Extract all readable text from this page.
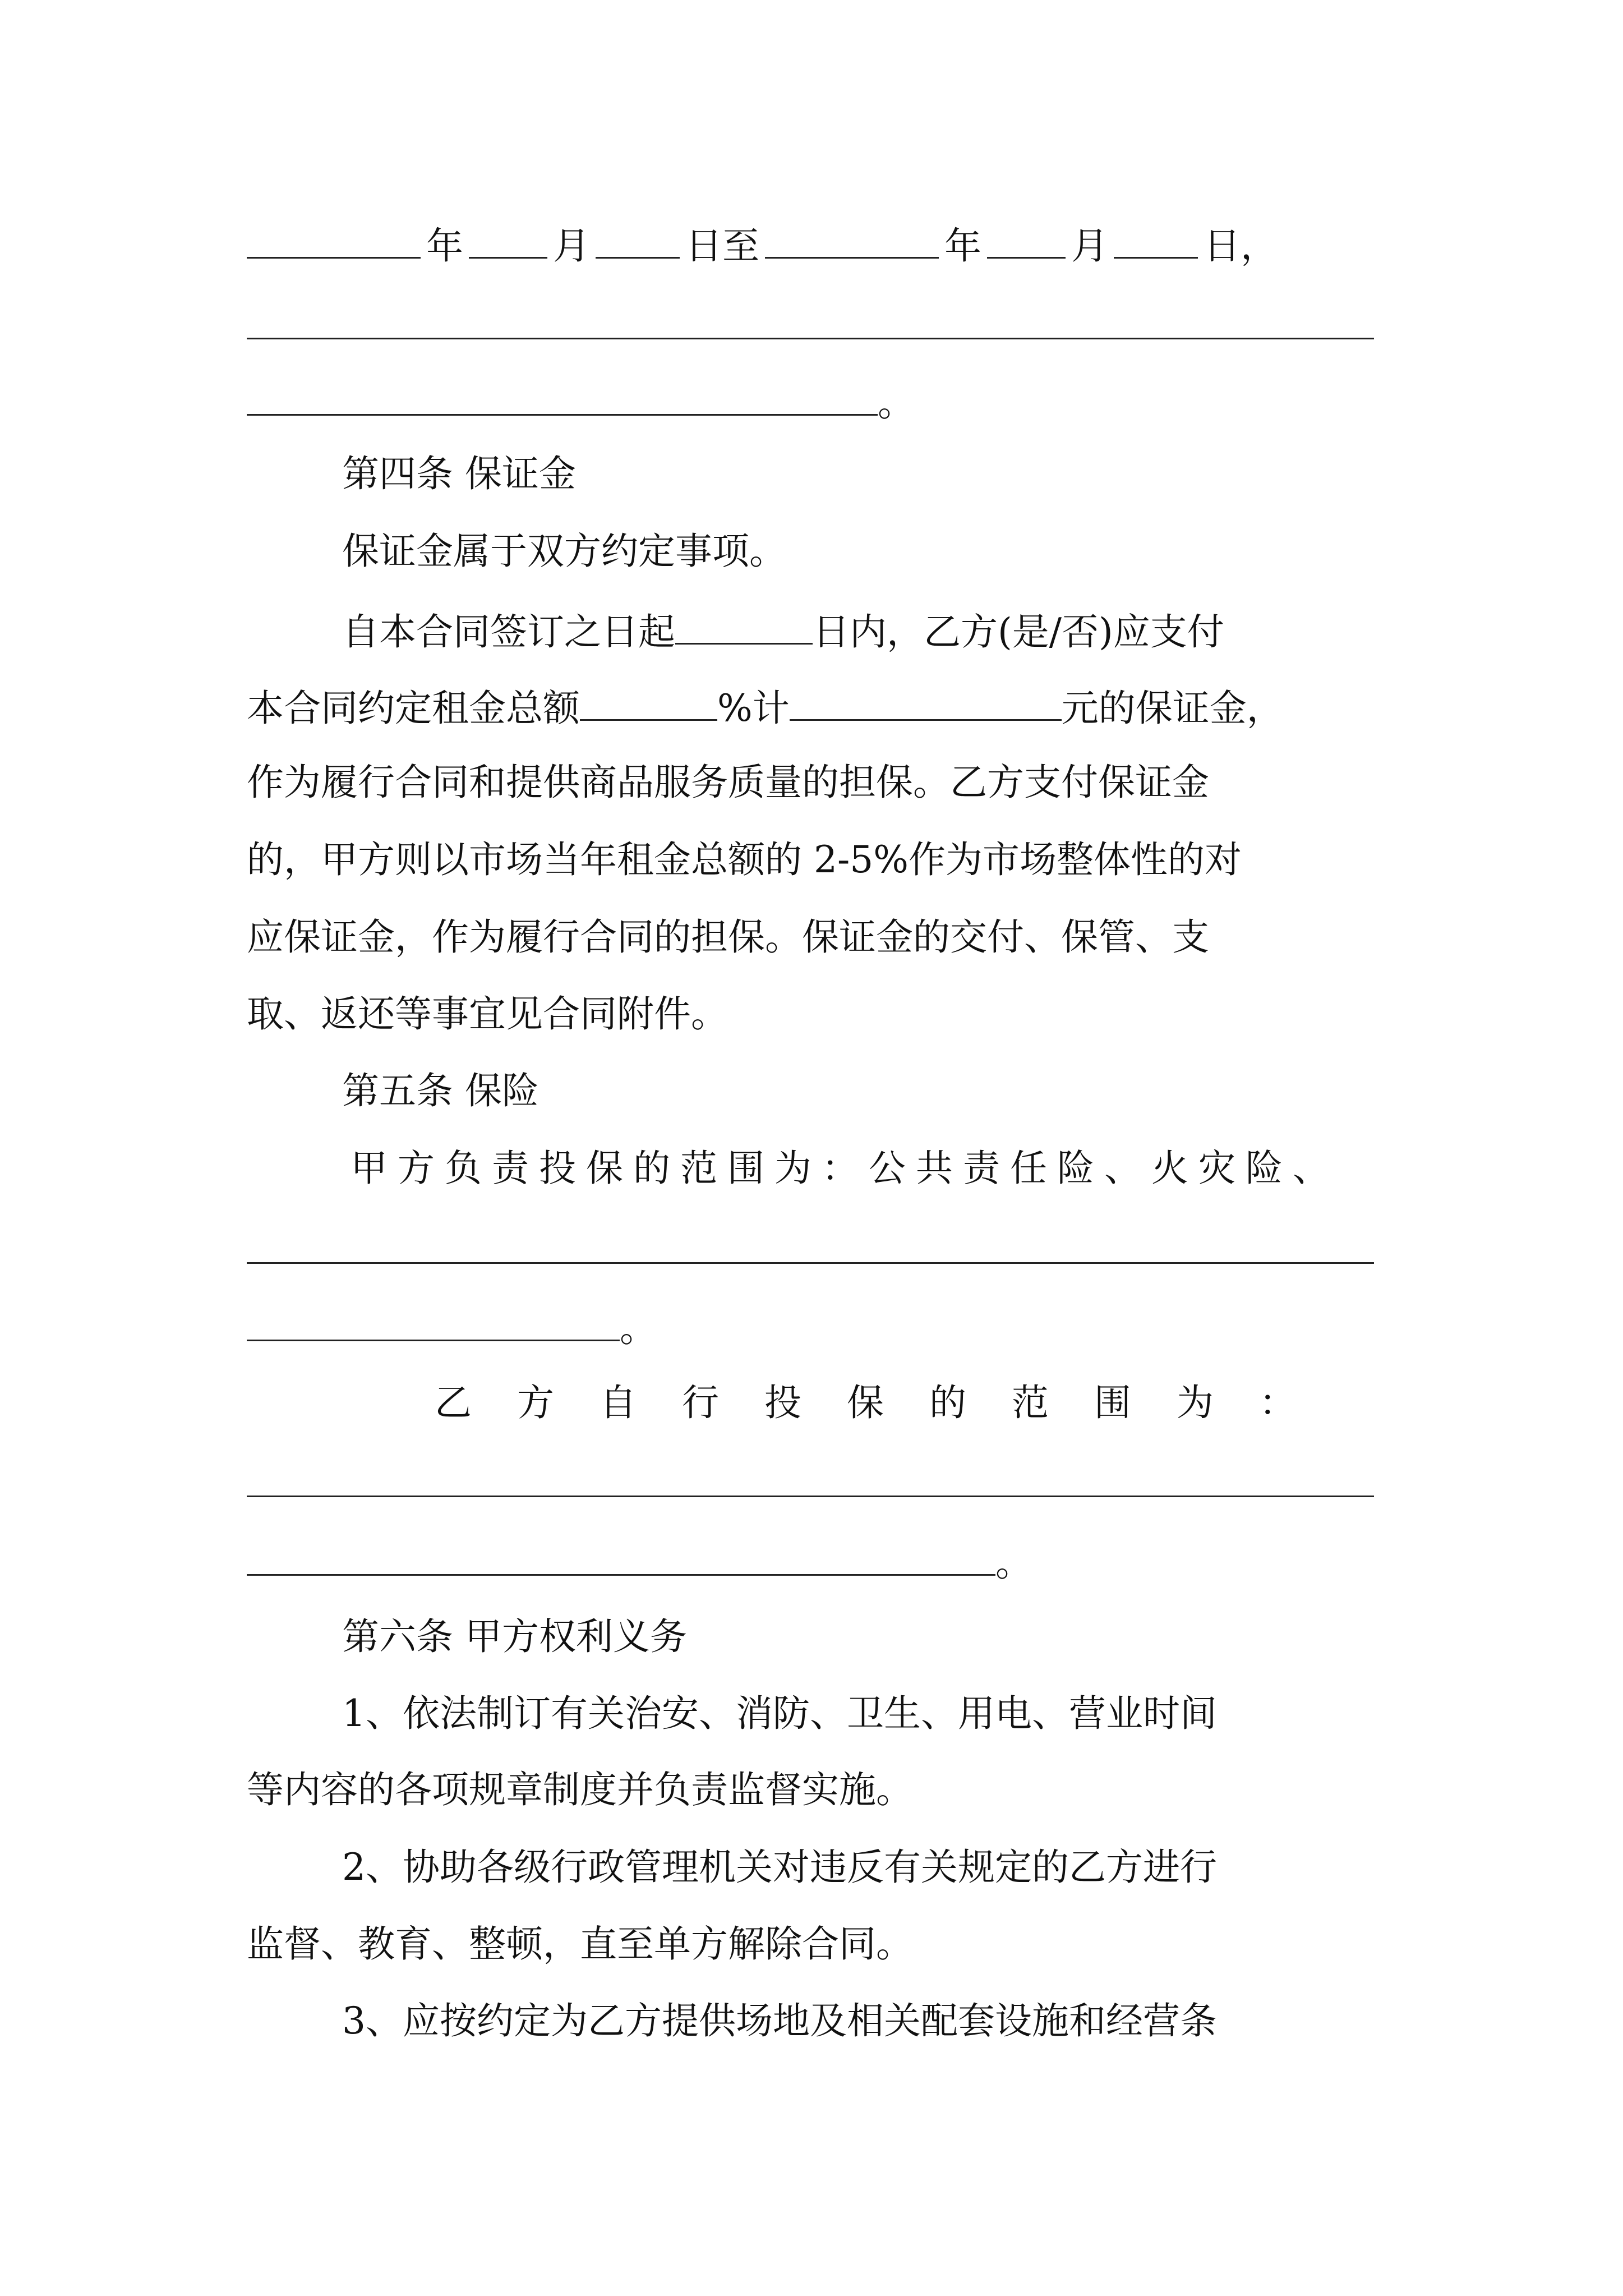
年 月	日至	年 月	日，
。
第四条 保证金
保证金属于双方约定事项。
自本合同签订之日起	日内，乙方(是/否)应支付
本合同约定租金总额	%计	元的保证金，
作为履行合同和提供商品服务质量的担保。乙方支付保证金
的，甲方则以市场当年租金总额的 2-5%作为市场整体性的对
应保证金，作为履行合同的担保。保证金的交付、保管、支
取、返还等事宜见合同附件。
第五条 保险
甲方负责投保的范围为：公共责任险、火灾险、
。
乙方自行投保的范围为：
。
第六条 甲方权利义务
1、依法制订有关治安、消防、卫生、用电、营业时间
等内容的各项规章制度并负责监督实施。
2、协助各级行政管理机关对违反有关规定的乙方进行
监督、教育、整顿，直至单方解除合同。
3、应按约定为乙方提供场地及相关配套设施和经营条
